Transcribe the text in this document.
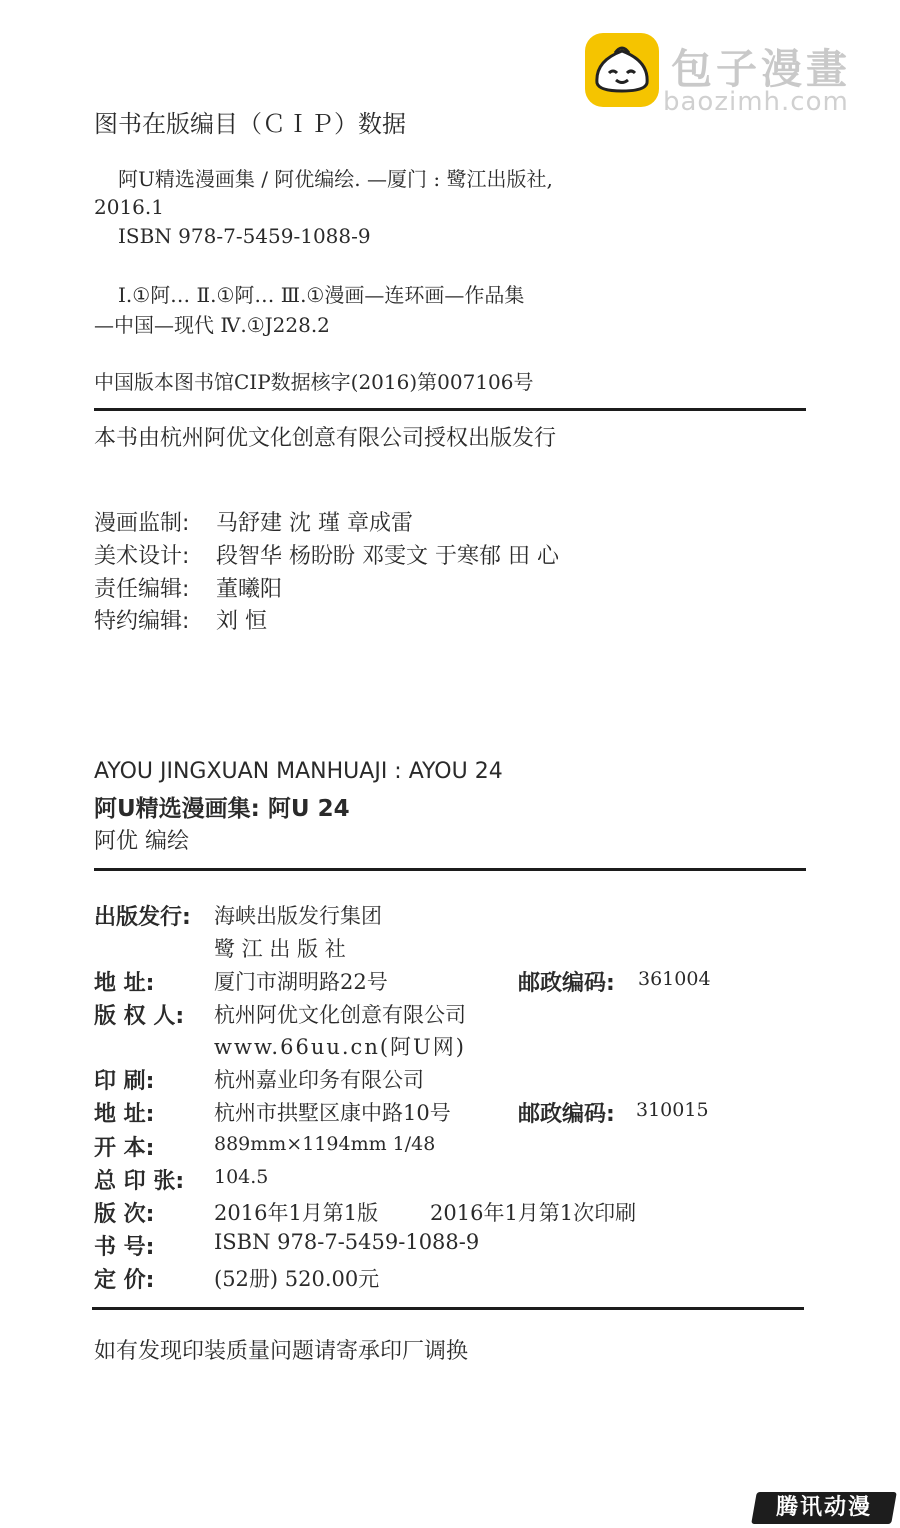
包子漫畫
baozimh.com
图书在版编目（ＣＩＰ）数据
阿U精选漫画集 / 阿优编绘. —厦门 : 鹭江出版社,
2016.1
ISBN 978-7-5459-1088-9
Ⅰ.①阿… Ⅱ.①阿… Ⅲ.①漫画—连环画—作品集
—中国—现代 Ⅳ.①J228.2
中国版本图书馆CIP数据核字(2016)第007106号
本书由杭州阿优文化创意有限公司授权出版发行
漫画监制: 马舒建 沈 瑾 章成雷
美术设计: 段智华 杨盼盼 邓雯文 于寒郁 田 心
责任编辑: 董曦阳
特约编辑: 刘 恒
AYOU JINGXUAN MANHUAJI : AYOU 24
阿U精选漫画集: 阿U 24
阿优 编绘
出版发行: 海峡出版发行集团
鹭 江 出 版 社
地 址:	厦门市湖明路22号	邮政编码: 361004
版 权 人: 杭州阿优文化创意有限公司
www.66uu.cn(阿U网)
印 刷:	杭州嘉业印务有限公司
地 址:	杭州市拱墅区康中路10号	邮政编码: 310015
开 本:	889mm×1194mm 1/48
总 印 张: 104.5
版 次:	2016年1月第1版 2016年1月第1次印刷
书 号:	ISBN 978-7-5459-1088-9
定 价:	(52册) 520.00元
如有发现印装质量问题请寄承印厂调换
腾讯动漫
